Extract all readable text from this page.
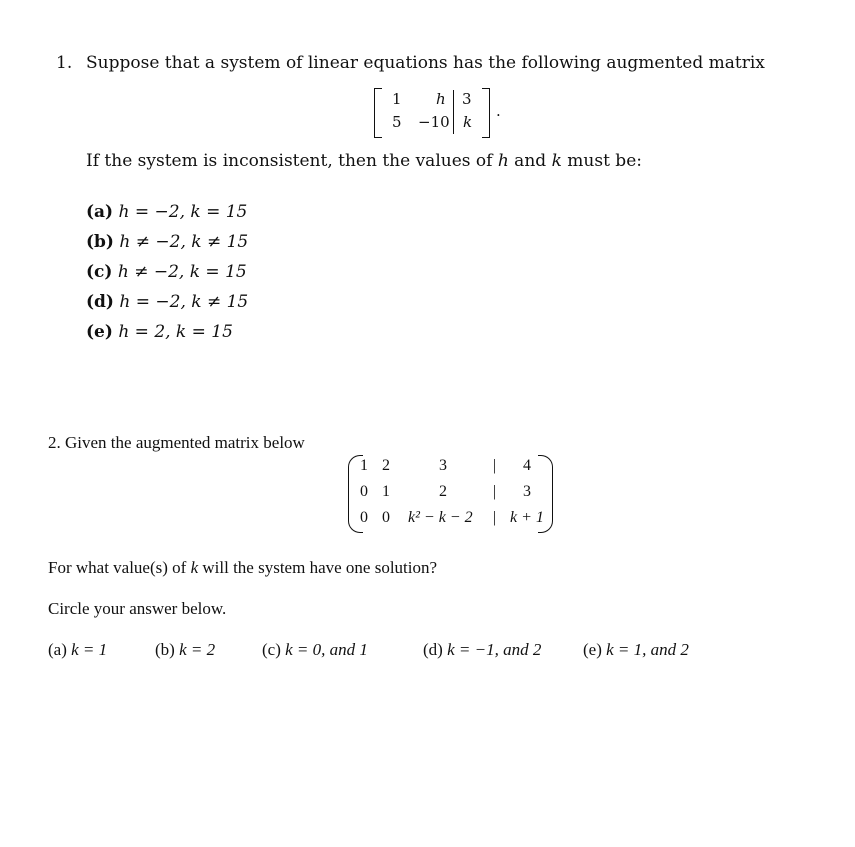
1. Suppose that a system of linear equations has the following augmented matrix
1 h 3
5 −10 k
.
If the system is inconsistent, then the values of h and k must be:
(a) h = −2, k = 15
(b) h ≠ −2, k ≠ 15
(c) h ≠ −2, k = 15
(d) h = −2, k ≠ 15
(e) h = 2, k = 15
2. Given the augmented matrix below
1 2	3	| 4
0 1	2	| 3
0 0 k² − k − 2 | k + 1
For what value(s) of k will the system have one solution?
Circle your answer below.
(a) k = 1	(b) k = 2	(c) k = 0, and 1	(d) k = −1, and 2 (e) k = 1, and 2
